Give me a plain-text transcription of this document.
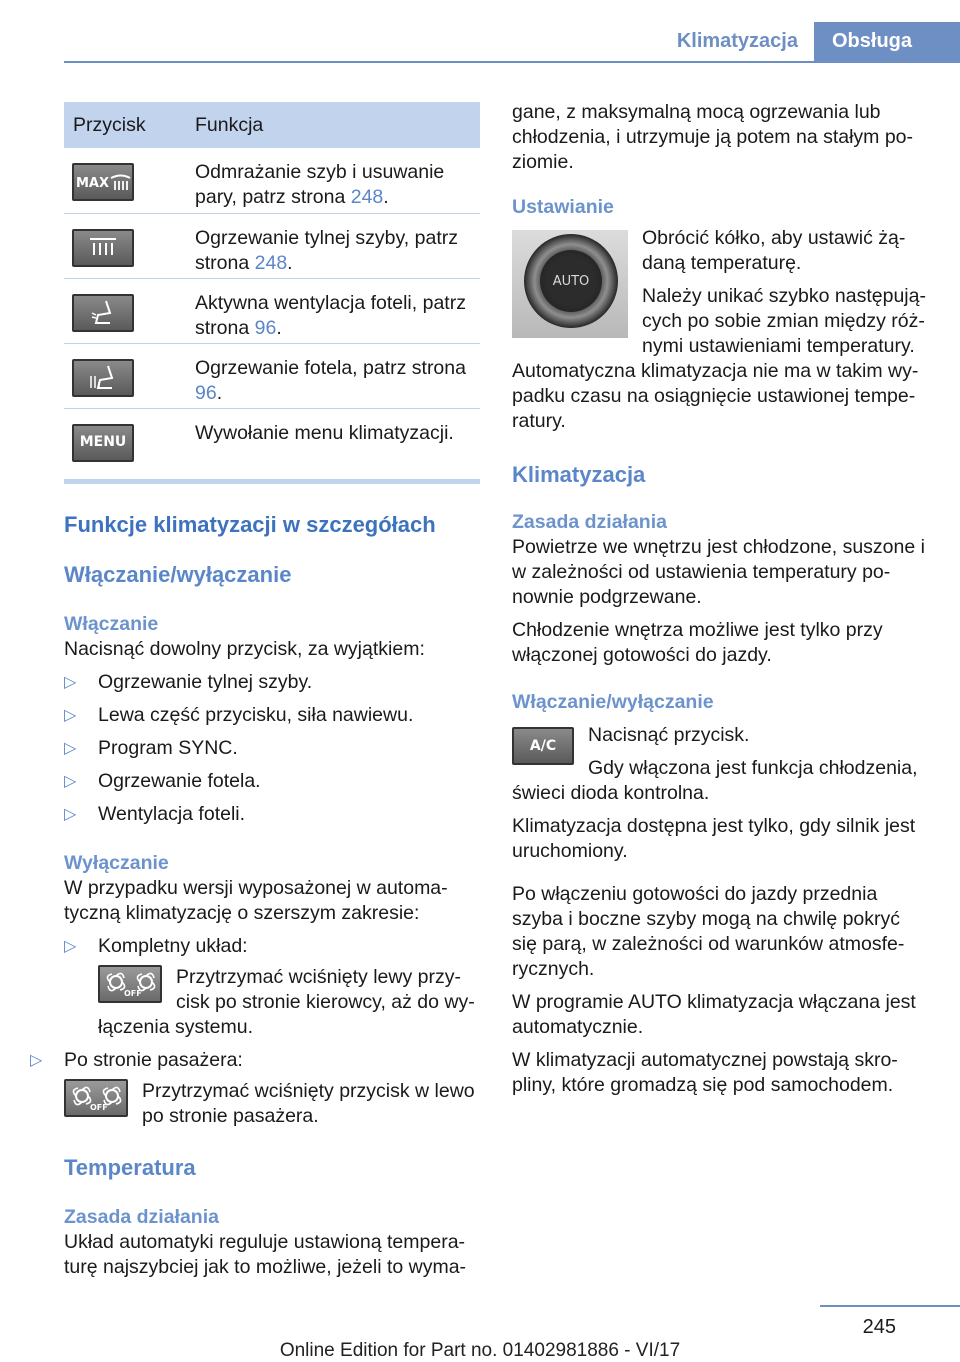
Klimatyzacja	Obsługa
Przycisk	Funkcja

MAX	Odmrażanie szyb i usuwanie pary, patrz strona 248.

	Ogrzewanie tylnej szyby, patrz strona 248.

	Aktywna wentylacja foteli, patrz strona 96.

	Ogrzewanie fotela, patrz strona 96.

MENU	Wywołanie menu klimatyzacji.
Funkcje klimatyzacji w szczegółach
Włączanie/wyłączanie
Włączanie

Nacisnąć dowolny przycisk, za wyjątkiem:

▷ Ogrzewanie tylnej szyby.
▷ Lewa część przycisku, siła nawiewu.
▷ Program SYNC.
▷ Ogrzewanie fotela.
▷ Wentylacja foteli.
Wyłączanie

W przypadku wersji wyposażonej w automa‐tyczną klimatyzację o szerszym zakresie:

▷ Kompletny układ:
OFF
Przytrzymać wciśnięty lewy przy‐cisk po stronie kierowcy, aż do wy‐łączenia systemu.
▷ Po stronie pasażera:
OFF
Przytrzymać wciśnięty przycisk w lewo po stronie pasażera.
Temperatura
Zasada działania

Układ automatyki reguluje ustawioną tempera‐turę najszybciej jak to możliwe, jeżeli to wyma‐

gane, z maksymalną mocą ogrzewania lub chłodzenia, i utrzymuje ją potem na stałym po‐ziomie.

Ustawianie
AUTO

Obrócić kółko, aby ustawić żą‐daną temperaturę.

Należy unikać szybko następują‐cych po sobie zmian między róż‐nymi ustawieniami temperatury.

Automatyczna klimatyzacja nie ma w takim wy‐padku czasu na osiągnięcie ustawionej tempe‐ratury.

Klimatyzacja
Zasada działania

Powietrze we wnętrzu jest chłodzone, suszone i w zależności od ustawienia temperatury po‐nownie podgrzewane.

Chłodzenie wnętrza możliwe jest tylko przy włączonej gotowości do jazdy.

Włączanie/wyłączanie
A/C	Nacisnąć przycisk.

Gdy włączona jest funkcja chłodzenia, świeci dioda kontrolna.

Klimatyzacja dostępna jest tylko, gdy silnik jest uruchomiony.

Po włączeniu gotowości do jazdy przednia szyba i boczne szyby mogą na chwilę pokryć się parą, w zależności od warunków atmosfe‐rycznych.

W programie AUTO klimatyzacja włączana jest automatycznie.

W klimatyzacji automatycznej powstają skro‐pliny, które gromadzą się pod samochodem.

245
Online Edition for Part no. 01402981886 - VI/17
